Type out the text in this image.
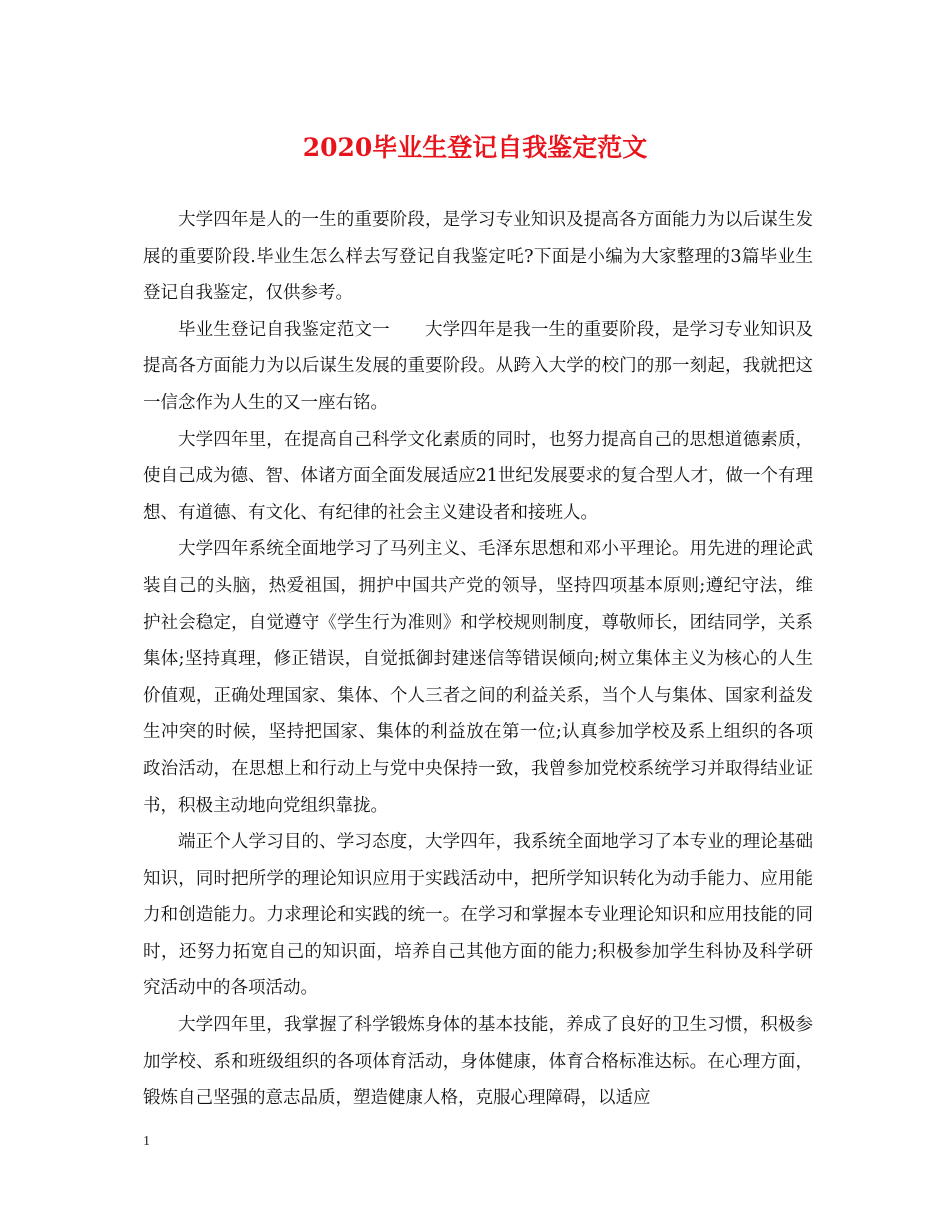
2020毕业生登记自我鉴定范文

大学四年是人的一生的重要阶段，是学习专业知识及提高各方面能力为以后谋生发展的重要阶段.毕业生怎么样去写登记自我鉴定吒?下面是小编为大家整理的3篇毕业生登记自我鉴定，仅供参考。

毕业生登记自我鉴定范文一　　大学四年是我一生的重要阶段，是学习专业知识及提高各方面能力为以后谋生发展的重要阶段。从跨入大学的校门的那一刻起，我就把这一信念作为人生的又一座右铭。

大学四年里，在提高自己科学文化素质的同时，也努力提高自己的思想道德素质，使自己成为德、智、体诸方面全面发展适应21世纪发展要求的复合型人才，做一个有理想、有道德、有文化、有纪律的社会主义建设者和接班人。

大学四年系统全面地学习了马列主义、毛泽东思想和邓小平理论。用先进的理论武装自己的头脑，热爱祖国，拥护中国共产党的领导，坚持四项基本原则;遵纪守法，维护社会稳定，自觉遵守《学生行为准则》和学校规则制度，尊敬师长，团结同学，关系集体;坚持真理，修正错误，自觉抵御封建迷信等错误倾向;树立集体主义为核心的人生价值观，正确处理国家、集体、个人三者之间的利益关系，当个人与集体、国家利益发生冲突的时候，坚持把国家、集体的利益放在第一位;认真参加学校及系上组织的各项政治活动，在思想上和行动上与党中央保持一致，我曾参加党校系统学习并取得结业证书，积极主动地向党组织靠拢。

端正个人学习目的、学习态度，大学四年，我系统全面地学习了本专业的理论基础知识，同时把所学的理论知识应用于实践活动中，把所学知识转化为动手能力、应用能力和创造能力。力求理论和实践的统一。在学习和掌握本专业理论知识和应用技能的同时，还努力拓宽自己的知识面，培养自己其他方面的能力;积极参加学生科协及科学研究活动中的各项活动。

大学四年里，我掌握了科学锻炼身体的基本技能，养成了良好的卫生习惯，积极参加学校、系和班级组织的各项体育活动，身体健康，体育合格标准达标。在心理方面，锻炼自己坚强的意志品质，塑造健康人格，克服心理障碍，以适应

1
